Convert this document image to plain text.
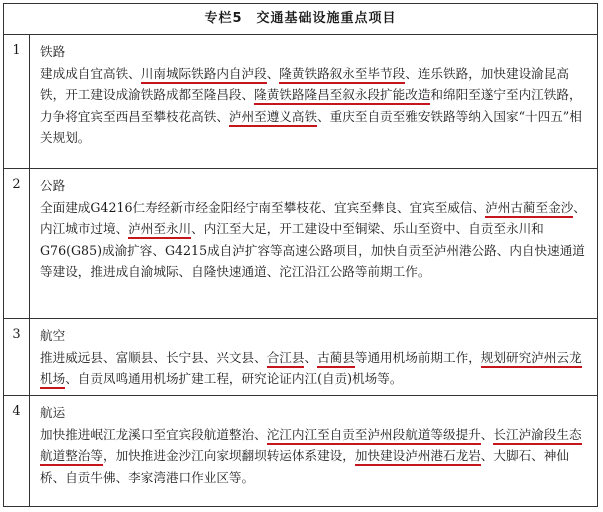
专栏5　交通基础设施重点项目
1	铁路
建成成自宜高铁、川南城际铁路内自泸段、隆黄铁路叙永至毕节段、连乐铁路，加快建设渝昆高铁，开工建设成渝铁路成都至隆昌段、隆黄铁路隆昌至叙永段扩能改造和绵阳至遂宁至内江铁路，力争将宜宾至西昌至攀枝花高铁、泸州至遵义高铁、重庆至自贡至雅安铁路等纳入国家“十四五”相关规划。
2	公路
全面建成G4216仁寿经新市经金阳经宁南至攀枝花、宜宾至彝良、宜宾至威信、泸州古蔺至金沙、内江城市过境、泸州至永川、内江至大足，开工建设中至铜梁、乐山至资中、自贡至永川和G76(G85)成渝扩容、G4215成自泸扩容等高速公路项目，加快自贡至泸州港公路、内自快速通道等建设，推进成自渝城际、自隆快速通道、沱江沿江公路等前期工作。
3	航空
推进威远县、富顺县、长宁县、兴文县、合江县、古蔺县等通用机场前期工作，规划研究泸州云龙机场、自贡凤鸣通用机场扩建工程，研究论证内江(自贡)机场等。
4	航运
加快推进岷江龙溪口至宜宾段航道整治、沱江内江至自贡至泸州段航道等级提升、长江泸渝段生态航道整治等，加快推进金沙江向家坝翻坝转运体系建设，加快建设泸州港石龙岩、大脚石、神仙桥、自贡牛佛、李家湾港口作业区等。
